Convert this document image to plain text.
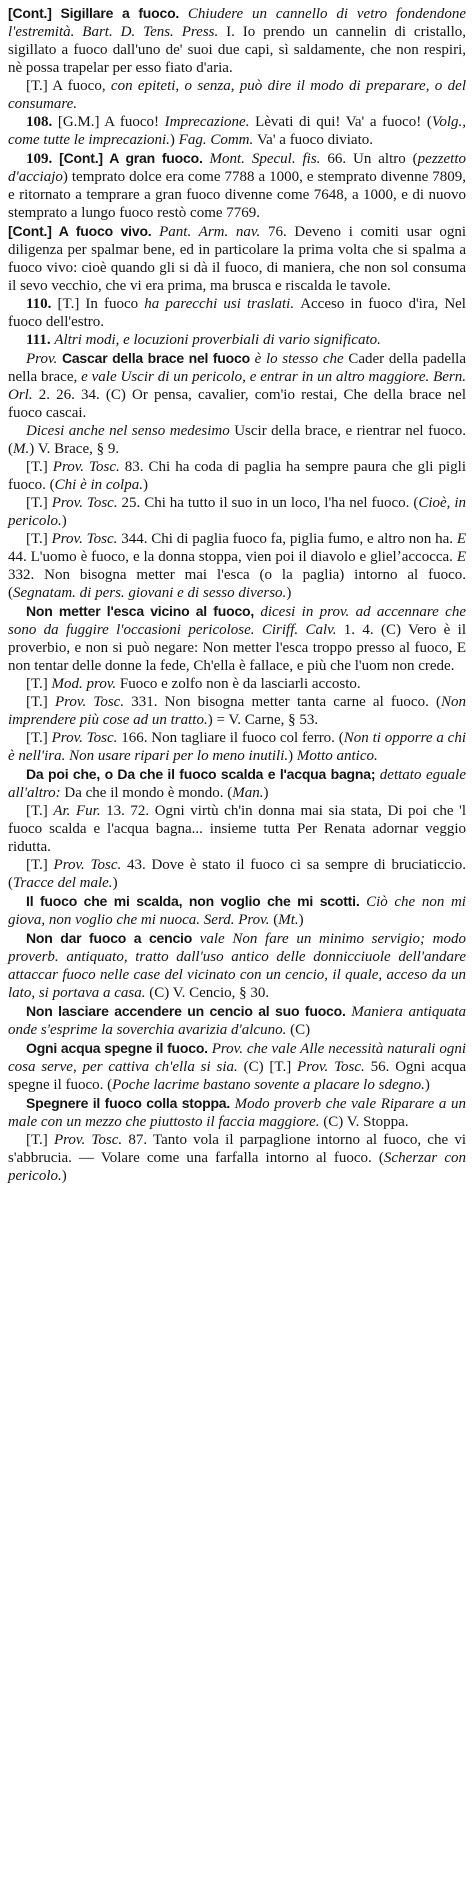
[Cont.] Sigillare a fuoco. Chiudere un cannello di vetro fondendone l'estremità. Bart. D. Tens. Press. I. Io prendo un cannelin di cristallo, sigillato a fuoco dall'uno de' suoi due capi, sì saldamente, che non respiri, nè possa trapelar per esso fiato d'aria.

[T.] A fuoco, con epiteti, o senza, può dire il modo di preparare, o del consumare.

108. [G.M.] A fuoco! Imprecazione. Lèvati di qui! Va' a fuoco! (Volg., come tutte le imprecazioni.) Fag. Comm. Va' a fuoco diviato.

109. [Cont.] A gran fuoco. Mont. Specul. fis. 66. Un altro (pezzetto d'acciajo) temprato dolce era come 7788 a 1000, e stemprato divenne 7809, e ritornato a temprare a gran fuoco divenne come 7648, a 1000, e di nuovo stemprato a lungo fuoco restò come 7769.

[Cont.] A fuoco vivo. Pant. Arm. nav. 76. Deveno i comiti usar ogni diligenza per spalmar bene, ed in particolare la prima volta che si spalma a fuoco vivo: cioè quando gli si dà il fuoco, di maniera, che non sol consuma il sevo vecchio, che vi era prima, ma brusca e riscalda le tavole.

110. [T.] In fuoco ha parecchi usi traslati. Acceso in fuoco d'ira, Nel fuoco dell'estro.

111. Altri modi, e locuzioni proverbiali di vario significato.

Prov. Cascar della brace nel fuoco è lo stesso che Cader della padella nella brace, e vale Uscir di un pericolo, e entrar in un altro maggiore. Bern. Orl. 2. 26. 34. (C) Or pensa, cavalier, com'io restai, Che della brace nel fuoco cascai.

Dicesi anche nel senso medesimo Uscir della brace, e rientrar nel fuoco. (M.) V. Brace, § 9.

[T.] Prov. Tosc. 83. Chi ha coda di paglia ha sempre paura che gli pigli fuoco. (Chi è in colpa.)

[T.] Prov. Tosc. 25. Chi ha tutto il suo in un loco, l'ha nel fuoco. (Cioè, in pericolo.)

[T.] Prov. Tosc. 344. Chi di paglia fuoco fa, piglia fumo, e altro non ha. E 44. L'uomo è fuoco, e la donna stoppa, vien poi il diavolo e glielʼaccocca. E 332. Non bisogna metter mai l'esca (o la paglia) intorno al fuoco. (Segnatam. di pers. giovani e di sesso diverso.)

Non metter l'esca vicino al fuoco, dicesi in prov. ad accennare che sono da fuggire l'occasioni pericolose. Ciriff. Calv. 1. 4. (C) Vero è il proverbio, e non si può negare: Non metter l'esca troppo presso al fuoco, E non tentar delle donne la fede, Ch'ella è fallace, e più che l'uom non crede.

[T.] Mod. prov. Fuoco e zolfo non è da lasciarli accosto.

[T.] Prov. Tosc. 331. Non bisogna metter tanta carne al fuoco. (Non imprendere più cose ad un tratto.) = V. Carne, § 53.

[T.] Prov. Tosc. 166. Non tagliare il fuoco col ferro. (Non ti opporre a chi è nell'ira. Non usare ripari per lo meno inutili.) Motto antico.

Da poi che, o Da che il fuoco scalda e l'acqua bagna; dettato eguale all'altro: Da che il mondo è mondo. (Man.)

[T.] Ar. Fur. 13. 72. Ogni virtù ch'in donna mai sia stata, Di poi che 'l fuoco scalda e l'acqua bagna... insieme tutta Per Renata adornar veggio ridutta.

[T.] Prov. Tosc. 43. Dove è stato il fuoco ci sa sempre di bruciaticcio. (Tracce del male.)

Il fuoco che mi scalda, non voglio che mi scotti. Ciò che non mi giova, non voglio che mi nuoca. Serd. Prov. (Mt.)

Non dar fuoco a cencio vale Non fare un minimo servigio; modo proverb. antiquato, tratto dall'uso antico delle donnicciuole dell'andare attaccar fuoco nelle case del vicinato con un cencio, il quale, acceso da un lato, si portava a casa. (C) V. Cencio, § 30.

Non lasciare accendere un cencio al suo fuoco. Maniera antiquata onde s'esprime la soverchia avarizia d'alcuno. (C)

Ogni acqua spegne il fuoco. Prov. che vale Alle necessità naturali ogni cosa serve, per cattiva ch'ella si sia. (C) [T.] Prov. Tosc. 56. Ogni acqua spegne il fuoco. (Poche lacrime bastano sovente a placare lo sdegno.)

Spegnere il fuoco colla stoppa. Modo proverb che vale Riparare a un male con un mezzo che piuttosto il faccia maggiore. (C) V. Stoppa.

[T.] Prov. Tosc. 87. Tanto vola il parpaglione intorno al fuoco, che vi s'abbrucia. — Volare come una farfalla intorno al fuoco. (Scherzar con pericolo.)
